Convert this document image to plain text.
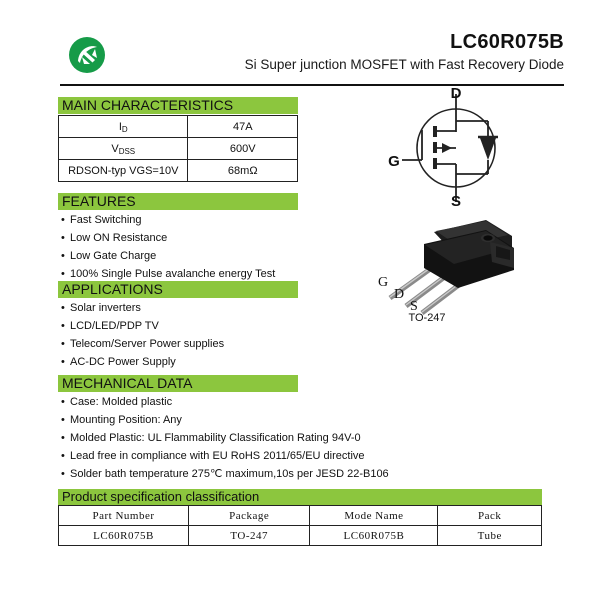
LC60R075B
Si Super junction MOSFET with Fast Recovery Diode
MAIN CHARACTERISTICS
$I_D$	47A
$V_{DSS}$	600V
RDSON-typ VGS=10V	68mΩ
FEATURES
• Fast Switching
• Low ON Resistance
• Low Gate Charge
• 100% Single Pulse avalanche energy Test
APPLICATIONS
• Solar inverters
• LCD/LED/PDP TV
• Telecom/Server Power supplies
• AC-DC Power Supply
MECHANICAL DATA
• Case: Molded plastic
• Mounting Position: Any
• Molded Plastic: UL Flammability Classification Rating 94V-0
• Lead free in compliance with EU RoHS 2011/65/EU directive
• Solder bath temperature 275℃ maximum,10s per JESD 22-B106
D
G
S
G
D
S
TO-247
Product specification classification
Part Number	Package	Mode Name	Pack
LC60R075B	TO-247	LC60R075B	Tube
